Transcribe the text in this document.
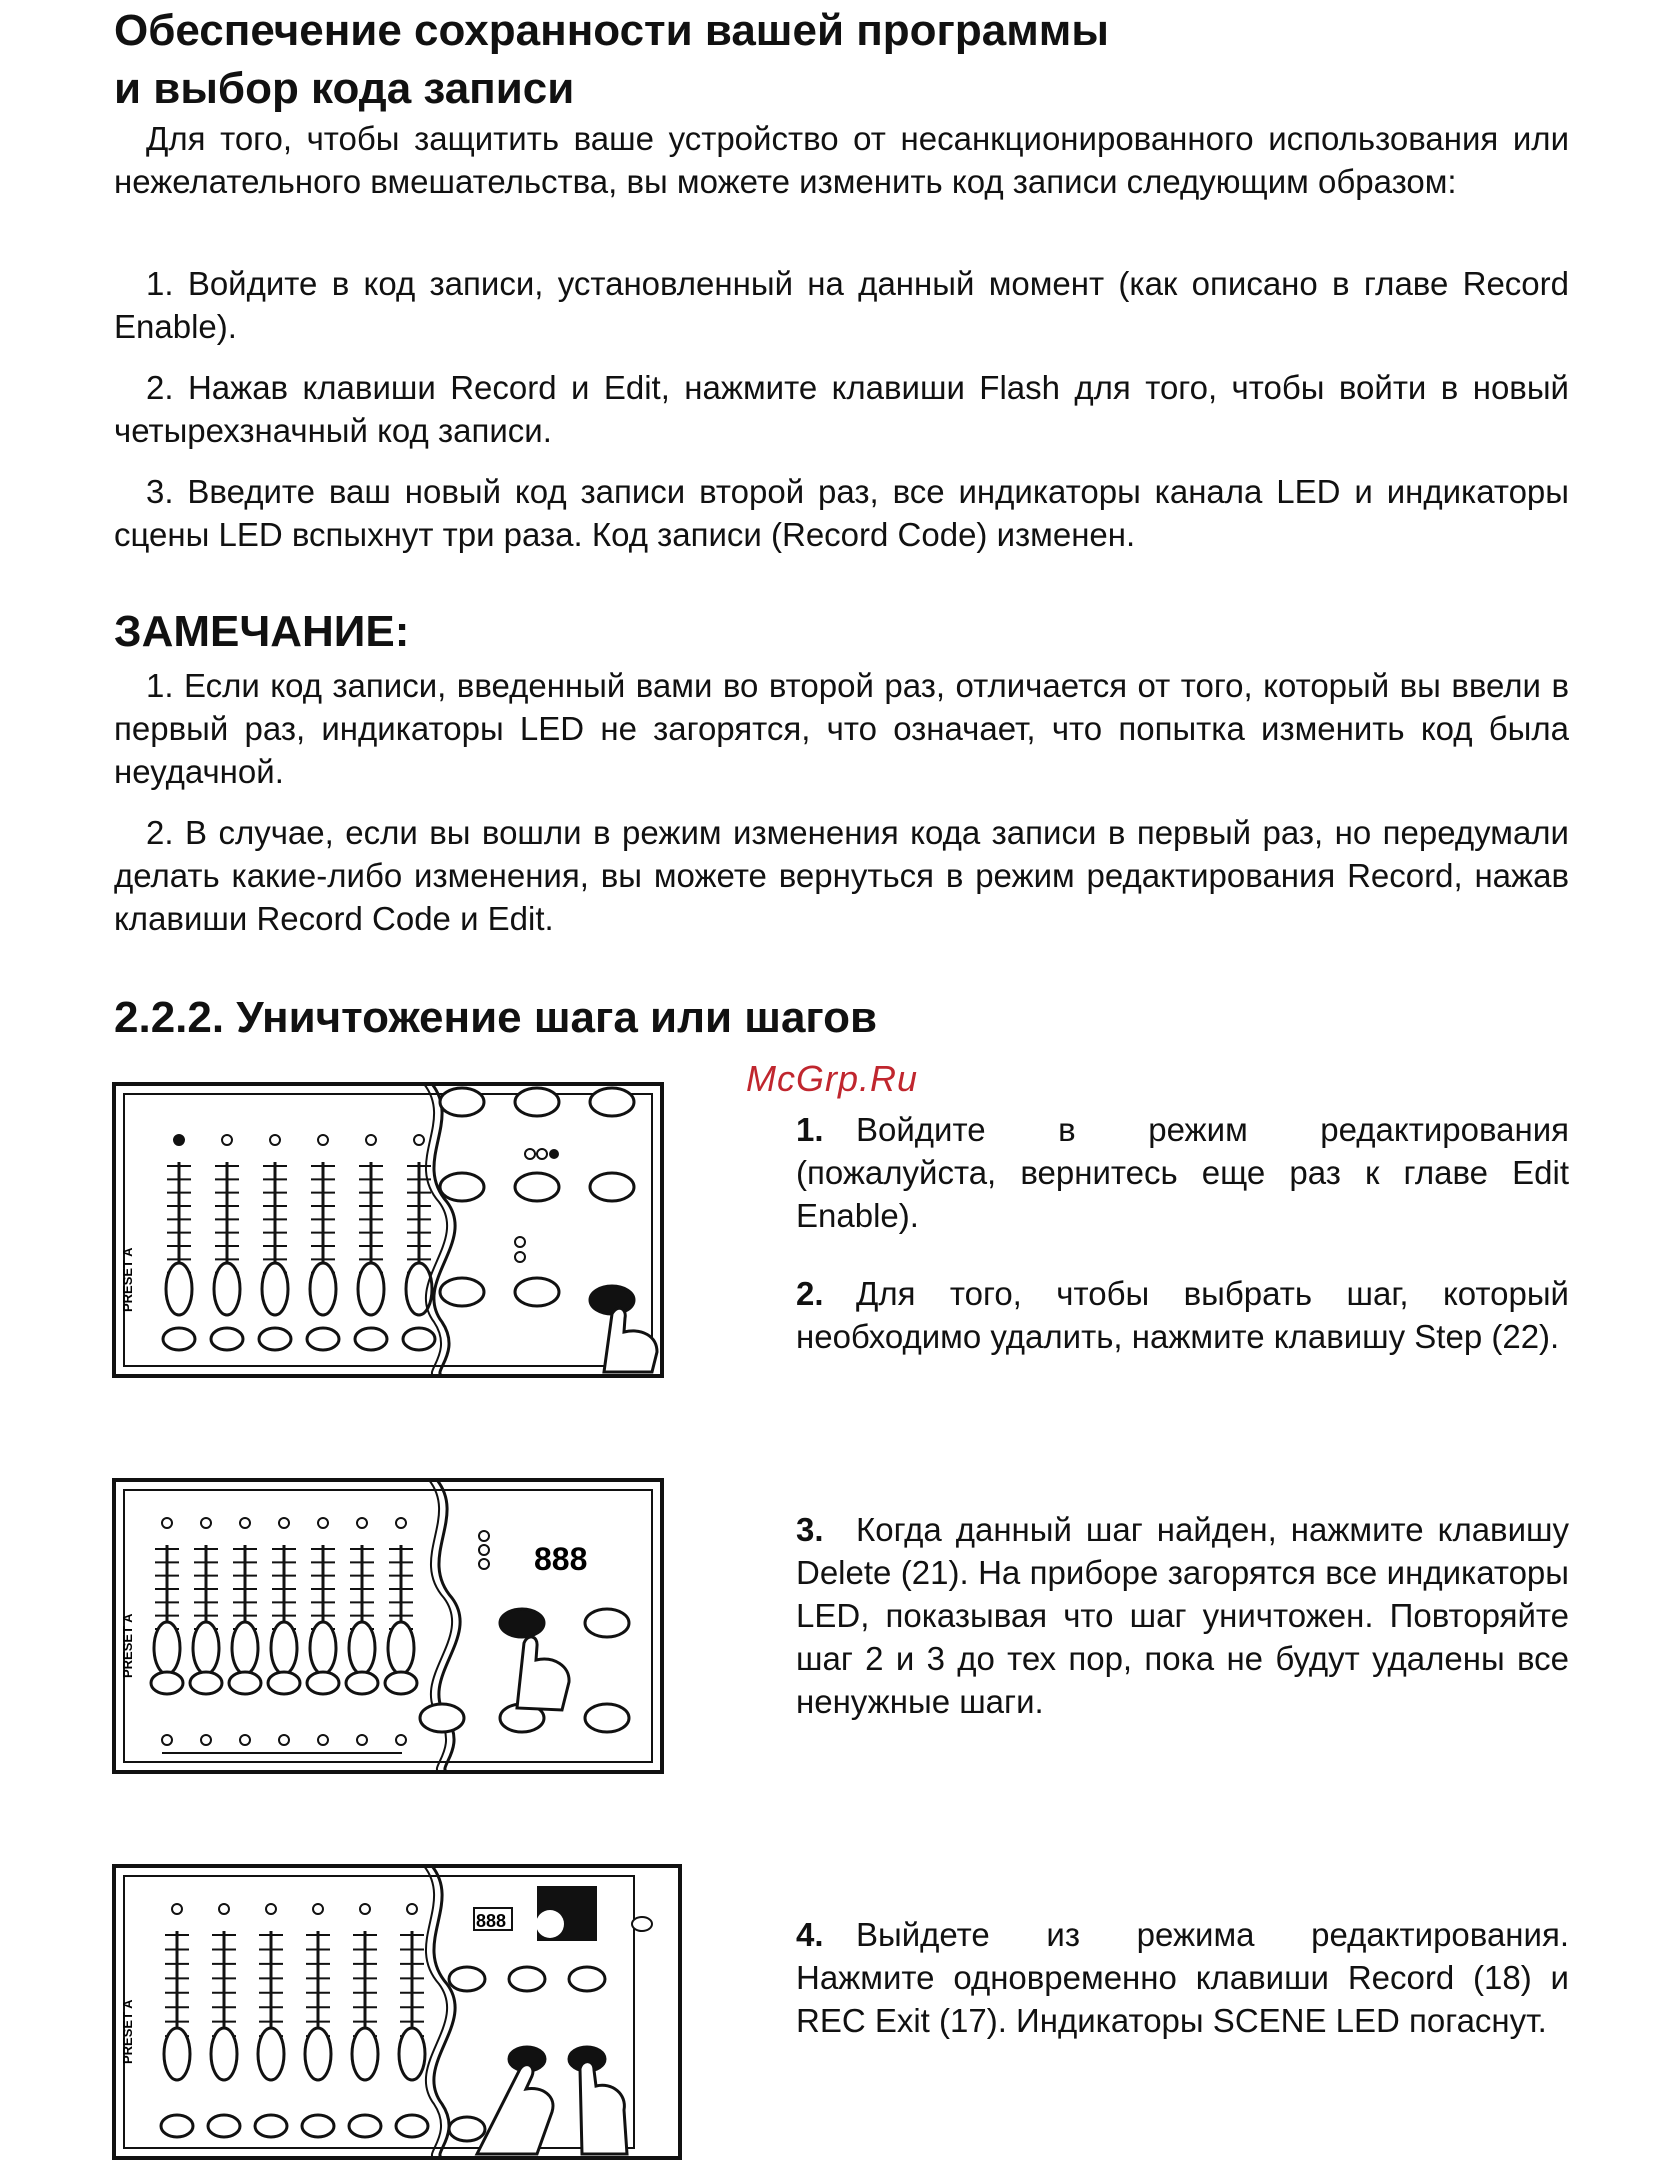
Обеспечение сохранности вашей программы
и выбор кода записи

Для того, чтобы защитить ваше устройство от несанкционированного использования или нежелательного вмешательства, вы можете изменить код записи следующим образом:

1. Войдите в код записи, установленный на данный момент (как описано в главе Record Enable).

2. Нажав клавиши Record и Edit, нажмите клавиши Flash для того, чтобы войти в новый четырехзначный код записи.

3. Введите ваш новый код записи второй раз, все индикаторы канала LED и индикаторы сцены LED вспыхнут три раза. Код записи (Record Code) изменен.

ЗАМЕЧАНИЕ:

1. Если код записи, введенный вами во второй раз, отличается от того, который вы ввели в первый раз, индикаторы LED не загорятся, что означает, что попытка изменить код была неудачной.

2. В случае, если вы вошли в режим изменения кода записи в первый раз, но передумали делать какие-либо изменения, вы можете вернуться в режим редактирования Record, нажав клавиши Record Code и Edit.

2.2.2. Уничтожение шага или шагов
McGrp.Ru

1. Войдите в режим редактирования (пожалуйста, вернитесь еще раз к главе Edit Enable).

2. Для того, чтобы выбрать шаг, который необходимо удалить, нажмите клавишу Step (22).

3. Когда данный шаг найден, нажмите клавишу Delete (21). На приборе загорятся все индикаторы LED, показывая что шаг уничтожен. Повторяйте шаг 2 и 3 до тех пор, пока не будут удалены все ненужные шаги.

4. Выйдете из режима редактирования. Нажмите одновременно клавиши Record (18) и REC Exit (17). Индикаторы SCENE LED погаснут.

PRESET A
PRESET A
888
PRESET A
888
